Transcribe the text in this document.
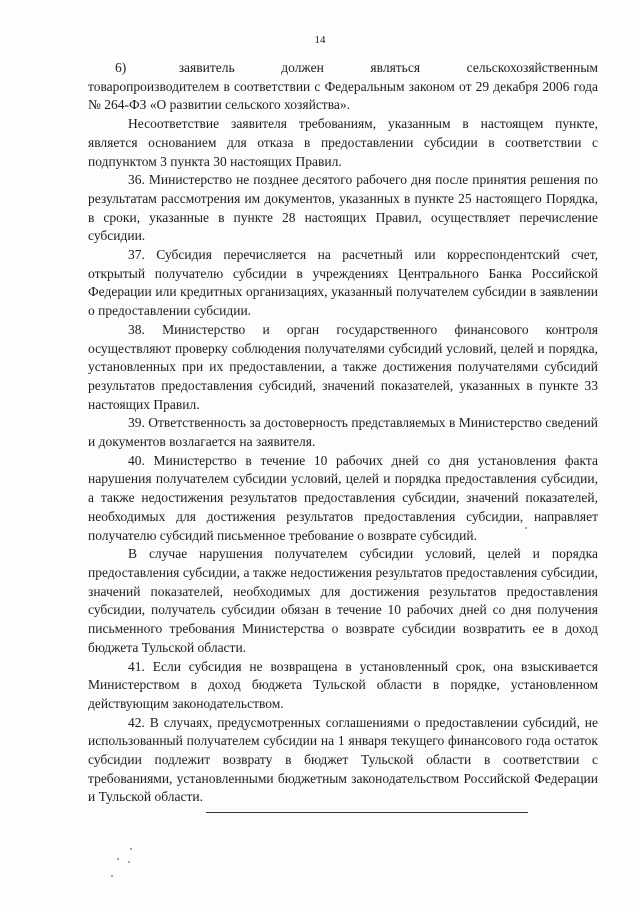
14

6)         заявитель        должен        являться        сельскохозяйственным товаропроизводителем в соответствии с Федеральным законом от 29 декабря 2006 года № 264-ФЗ «О развитии сельского хозяйства».

Несоответствие заявителя требованиям, указанным в настоящем пункте, является основанием для отказа в предоставлении субсидии в соответствии с подпунктом 3 пункта 30 настоящих Правил.

36. Министерство не позднее десятого рабочего дня после принятия решения по результатам рассмотрения им документов, указанных в пункте 25 настоящего Порядка, в сроки, указанные в пункте 28 настоящих Правил, осуществляет перечисление субсидии.

37. Субсидия перечисляется на расчетный или корреспондентский счет, открытый получателю субсидии в учреждениях Центрального Банка Российской Федерации или кредитных организациях, указанный получателем субсидии в заявлении о предоставлении субсидии.

38. Министерство и орган государственного финансового контроля осуществляют проверку соблюдения получателями субсидий условий, целей и порядка, установленных при их предоставлении, а также достижения получателями субсидий результатов предоставления субсидий, значений показателей, указанных в пункте 33 настоящих Правил.

39. Ответственность за достоверность представляемых в Министерство сведений и документов возлагается на заявителя.

40. Министерство в течение 10 рабочих дней со дня установления факта нарушения получателем субсидии условий, целей и порядка предоставления субсидии, а также недостижения результатов предоставления субсидии, значений показателей, необходимых для достижения результатов предоставления субсидии, направляет получателю субсидий письменное требование о возврате субсидий.

В случае нарушения получателем субсидии условий, целей и порядка предоставления субсидии, а также недостижения результатов предоставления субсидии, значений показателей, необходимых для достижения результатов предоставления субсидии, получатель субсидии обязан в течение 10 рабочих дней со дня получения письменного требования Министерства о возврате субсидии возвратить ее в доход бюджета Тульской области.

41. Если субсидия не возвращена в установленный срок, она взыскивается Министерством в доход бюджета Тульской области в порядке, установленном действующим законодательством.

42. В случаях, предусмотренных соглашениями о предоставлении субсидий, не использованный получателем субсидии на 1 января текущего финансового года остаток субсидии подлежит возврату в бюджет Тульской области в соответствии с требованиями, установленными бюджетным законодательством Российской Федерации и Тульской области.
